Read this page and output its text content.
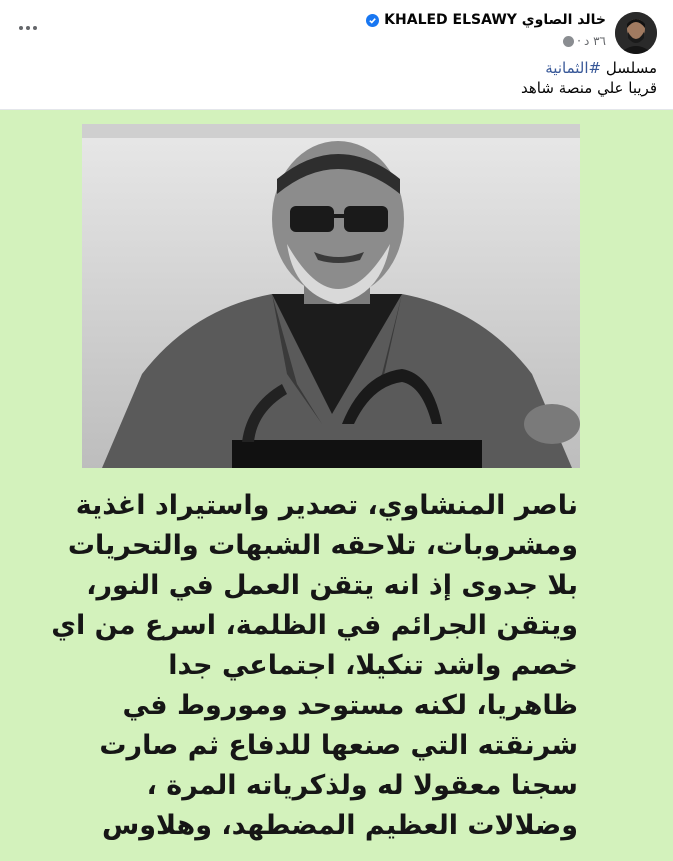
خالد الصاوي KHALED ELSAWY
٣٦ د
·
مسلسل #الثمانية
قريبا علي منصة شاهد
ناصر المنشاوي، تصدير واستيراد اغذية
ومشروبات، تلاحقه الشبهات والتحريات
بلا جدوى إذ انه يتقن العمل في النور،
ويتقن الجرائم في الظلمة، اسرع من اي
خصم واشد تنكيلا، اجتماعي جدا
ظاهريا، لكنه مستوحد وموروط في
شرنقته التي صنعها للدفاع ثم صارت
سجنا معقولا له ولذكرياته المرة ،
وضلالات العظيم المضطهد، وهلاوس
